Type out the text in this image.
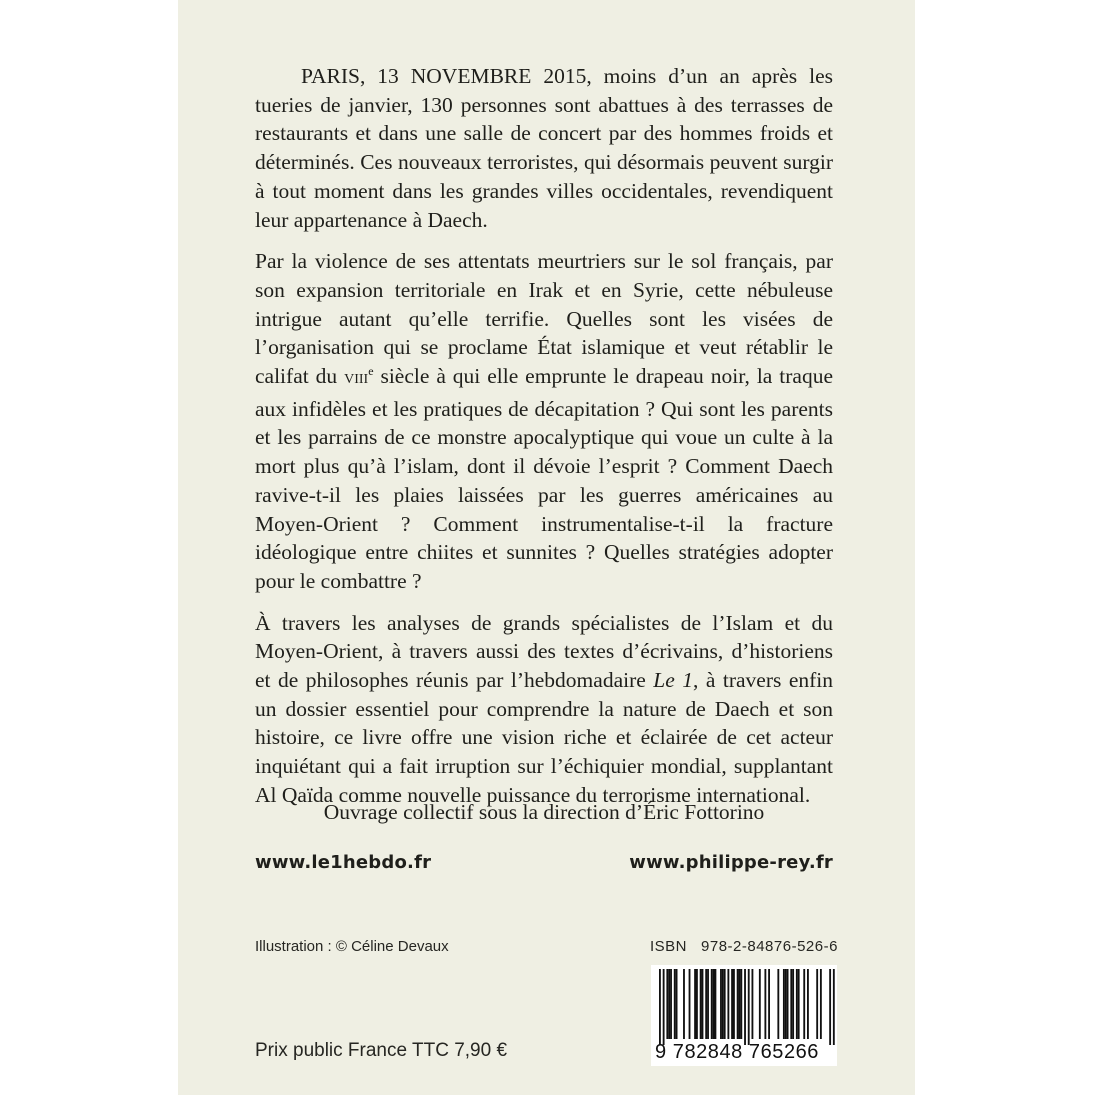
PARIS, 13 NOVEMBRE 2015, moins d’un an après les tueries de janvier, 130 personnes sont abattues à des terrasses de restaurants et dans une salle de concert par des hommes froids et déterminés. Ces nouveaux terroristes, qui désormais peuvent surgir à tout moment dans les grandes villes occidentales, revendiquent leur appartenance à Daech.

Par la violence de ses attentats meurtriers sur le sol français, par son expansion territoriale en Irak et en Syrie, cette nébuleuse intrigue autant qu’elle terrifie. Quelles sont les visées de l’organisation qui se proclame État islamique et veut rétablir le califat du VIIIe siècle à qui elle emprunte le drapeau noir, la traque aux infidèles et les pratiques de décapitation ? Qui sont les parents et les parrains de ce monstre apocalyptique qui voue un culte à la mort plus qu’à l’islam, dont il dévoie l’esprit ? Comment Daech ravive-t-il les plaies laissées par les guerres américaines au Moyen-Orient ? Comment instrumentalise-t-il la fracture idéologique entre chiites et sunnites ? Quelles stratégies adopter pour le combattre ?

À travers les analyses de grands spécialistes de l’Islam et du Moyen-Orient, à travers aussi des textes d’écrivains, d’historiens et de philosophes réunis par l’hebdomadaire Le 1, à travers enfin un dossier essentiel pour comprendre la nature de Daech et son histoire, ce livre offre une vision riche et éclairée de cet acteur inquiétant qui a fait irruption sur l’échiquier mondial, supplantant Al Qaïda comme nouvelle puissance du terrorisme international.

Ouvrage collectif sous la direction d’Éric Fottorino
www.le1hebdo.fr	www.philippe-rey.fr
Illustration : © Céline Devaux	ISBN   978-2-84876-526-6
9 782848 765266
Prix public France TTC 7,90 €
